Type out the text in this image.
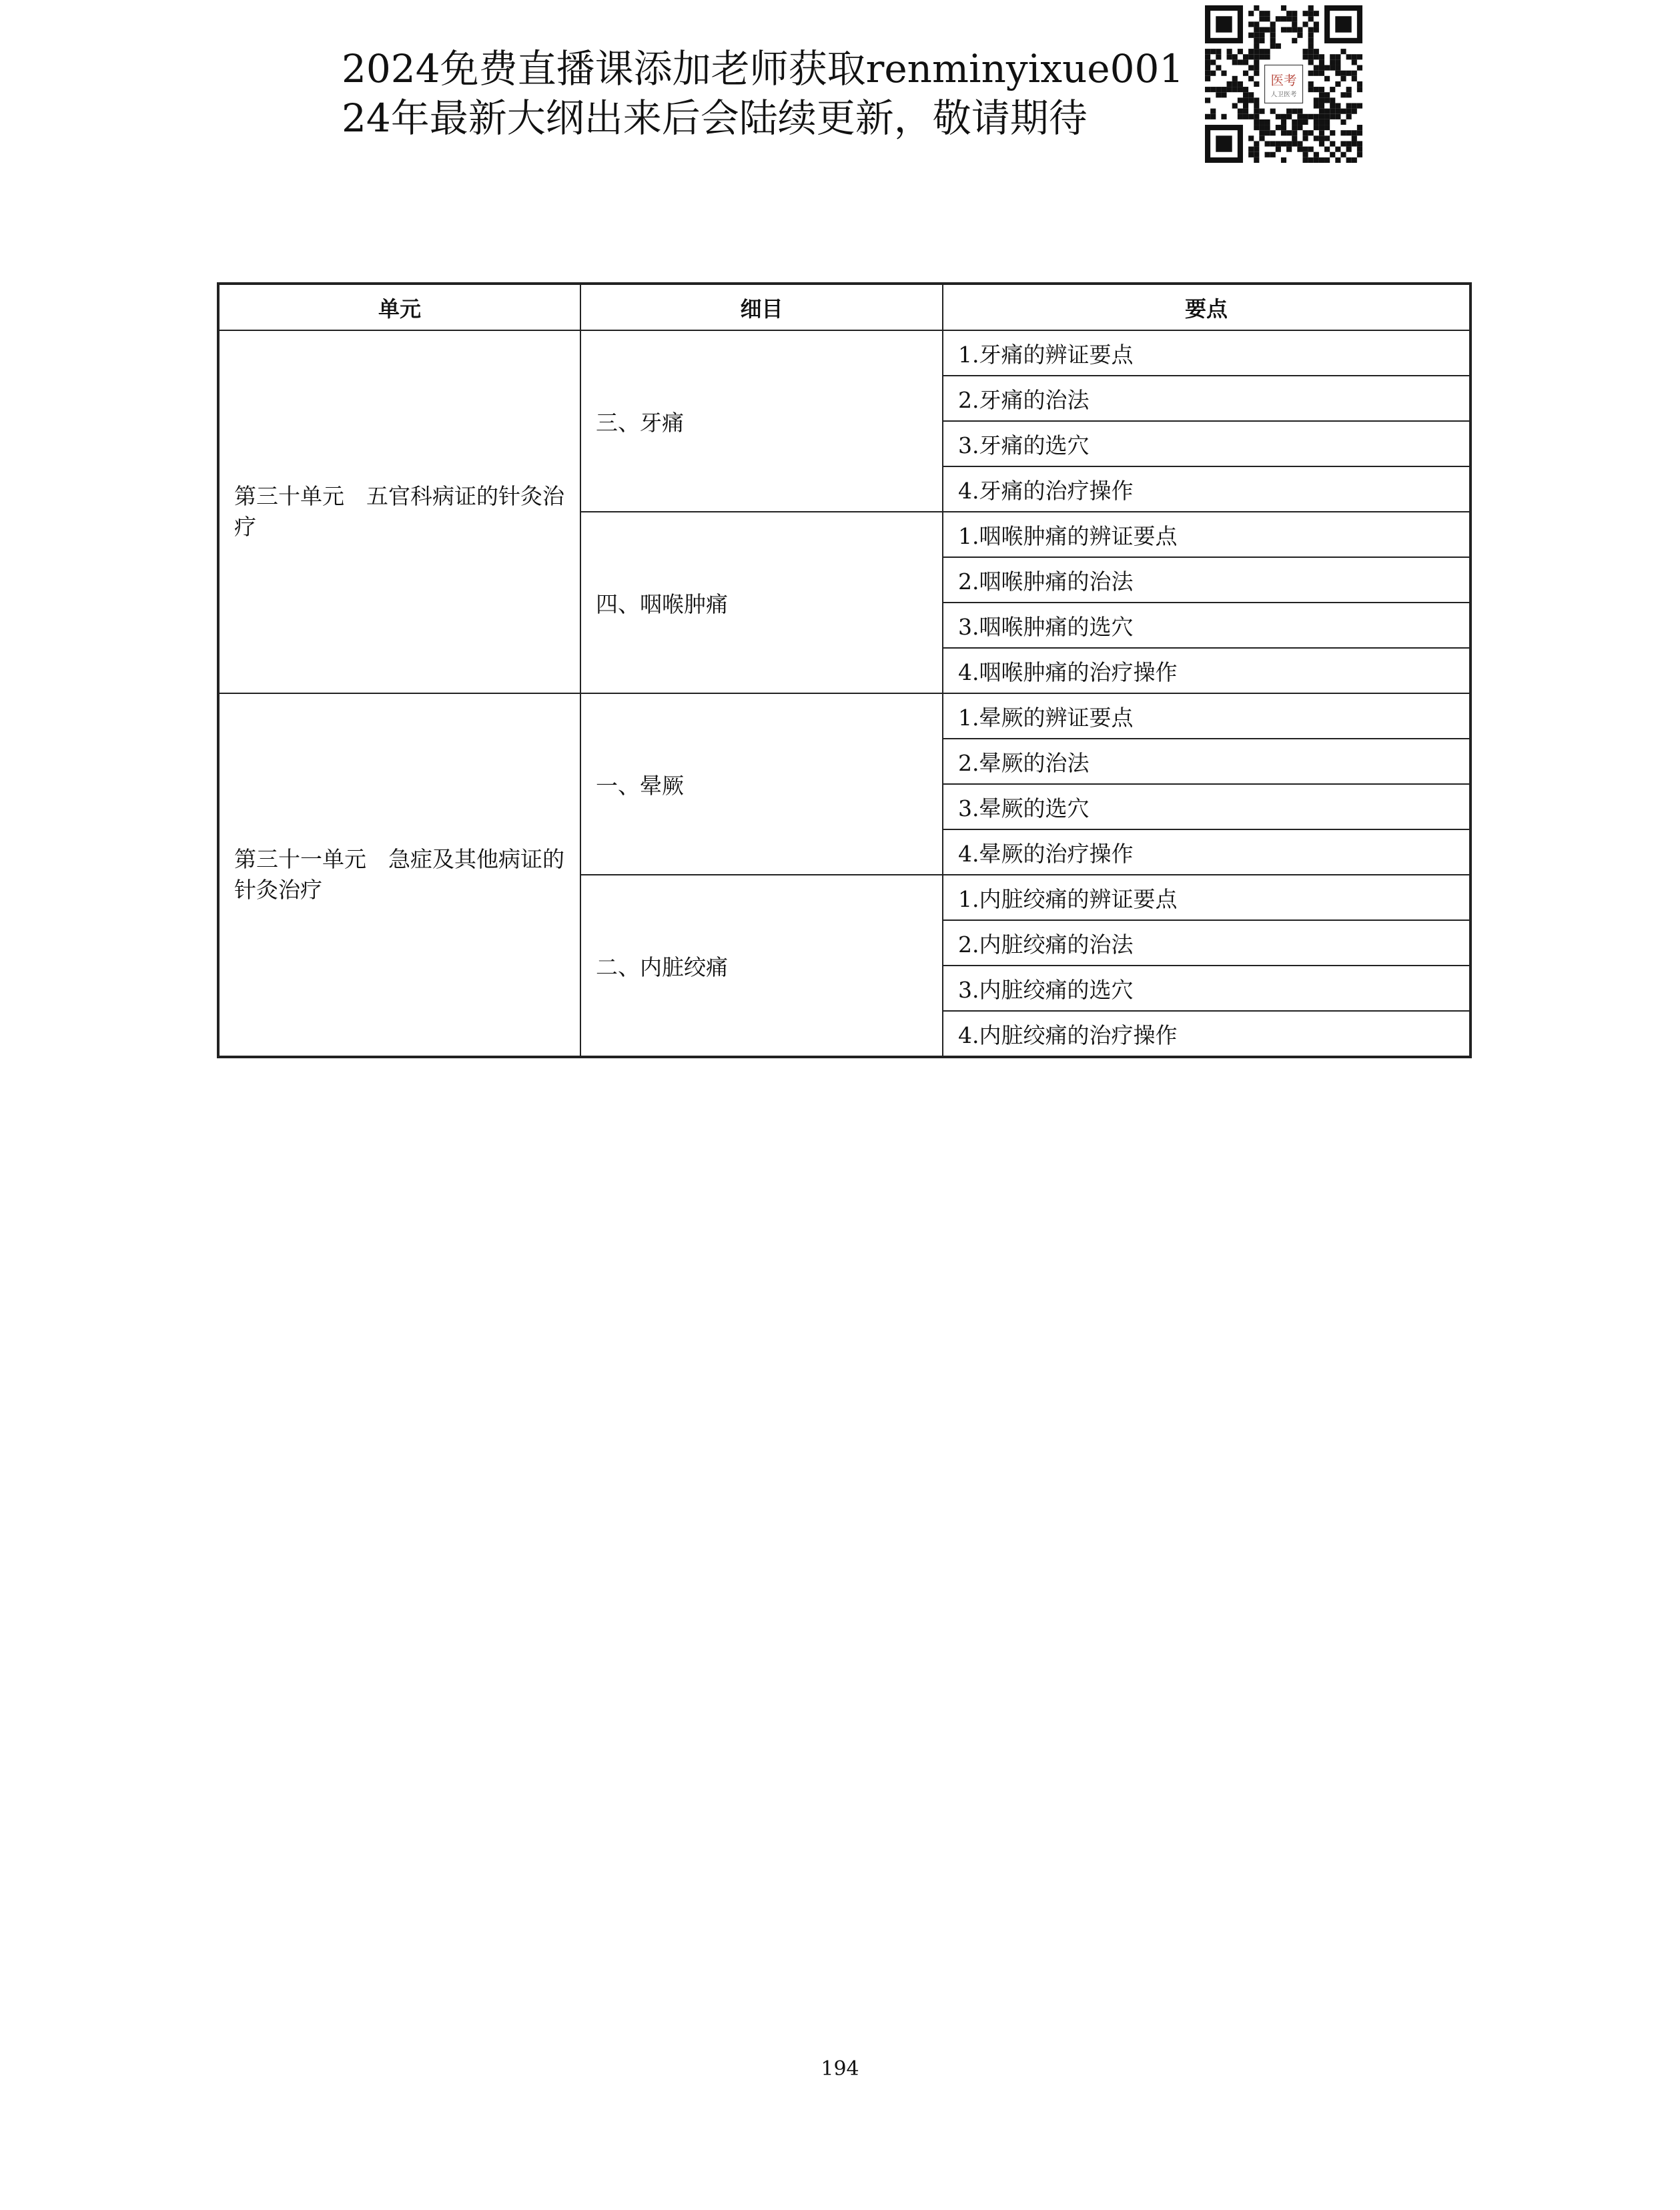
2024免费直播课添加老师获取renminyixue001
24年最新大纲出来后会陆续更新，敬请期待
医考
人卫医考
单元	细目	要点
第三十单元　五官科病证的针灸治疗	三、牙痛	1.牙痛的辨证要点
		2.牙痛的治法
		3.牙痛的选穴
		4.牙痛的治疗操作
	四、咽喉肿痛	1.咽喉肿痛的辨证要点
		2.咽喉肿痛的治法
		3.咽喉肿痛的选穴
		4.咽喉肿痛的治疗操作
第三十一单元　急症及其他病证的针灸治疗	一、晕厥	1.晕厥的辨证要点
		2.晕厥的治法
		3.晕厥的选穴
		4.晕厥的治疗操作
	二、内脏绞痛	1.内脏绞痛的辨证要点
		2.内脏绞痛的治法
		3.内脏绞痛的选穴
		4.内脏绞痛的治疗操作
194
